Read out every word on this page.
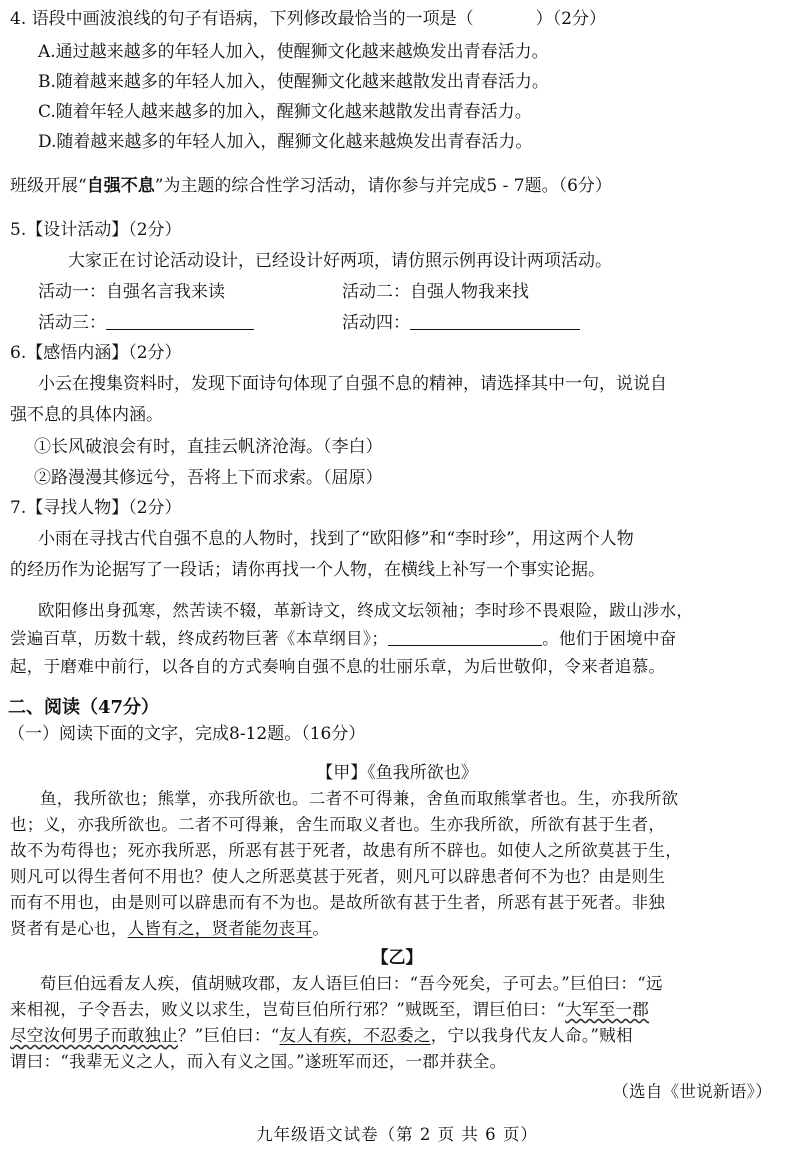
4. 语段中画波浪线的句子有语病，下列修改最恰当的一项是（	）（2分）
A.通过越来越多的年轻人加入，使醒狮文化越来越焕发出青春活力。
B.随着越来越多的年轻人加入，使醒狮文化越来越散发出青春活力。
C.随着年轻人越来越多的加入，醒狮文化越来越散发出青春活力。
D.随着越来越多的年轻人加入，醒狮文化越来越焕发出青春活力。
班级开展“自强不息”为主题的综合性学习活动，请你参与并完成5 - 7题。（6分）
5.【设计活动】（2分）
大家正在讨论活动设计，已经设计好两项，请仿照示例再设计两项活动。
活动一：自强名言我来读	活动二：自强人物我来找
活动三：	活动四：
6.【感悟内涵】（2分）
小云在搜集资料时，发现下面诗句体现了自强不息的精神，请选择其中一句，说说自
强不息的具体内涵。
①长风破浪会有时，直挂云帆济沧海。（李白）
②路漫漫其修远兮，吾将上下而求索。（屈原）
7.【寻找人物】（2分）
小雨在寻找古代自强不息的人物时，找到了“欧阳修”和“李时珍”，用这两个人物
的经历作为论据写了一段话；请你再找一个人物，在横线上补写一个事实论据。
欧阳修出身孤寒，然苦读不辍，革新诗文，终成文坛领袖；李时珍不畏艰险，跋山涉水，
尝遍百草，历数十载，终成药物巨著《本草纲目》；	。他们于困境中奋
起，于磨难中前行，以各自的方式奏响自强不息的壮丽乐章，为后世敬仰，令来者追慕。
二、阅读（47分）
（一）阅读下面的文字，完成8-12题。（16分）
【甲】《鱼我所欲也》
鱼，我所欲也；熊掌，亦我所欲也。二者不可得兼，舍鱼而取熊掌者也。生，亦我所欲
也；义，亦我所欲也。二者不可得兼，舍生而取义者也。生亦我所欲，所欲有甚于生者，
故不为苟得也；死亦我所恶，所恶有甚于死者，故患有所不辟也。如使人之所欲莫甚于生，
则凡可以得生者何不用也？使人之所恶莫甚于死者，则凡可以辟患者何不为也？由是则生
而有不用也，由是则可以辟患而有不为也。是故所欲有甚于生者，所恶有甚于死者。非独
贤者有是心也，人皆有之，贤者能勿丧耳。
【乙】
荀巨伯远看友人疾，值胡贼攻郡，友人语巨伯曰：“吾今死矣，子可去。”巨伯曰：“远
来相视，子令吾去，败义以求生，岂荀巨伯所行邪？”贼既至，谓巨伯曰：“大军至一郡
尽空汝何男子而敢独止？”巨伯曰：“友人有疾，不忍委之，宁以我身代友人命。”贼相
谓曰：“我辈无义之人，而入有义之国。”遂班军而还，一郡并获全。
（选自《世说新语》）
九年级语文试卷（第 2 页 共 6 页）
